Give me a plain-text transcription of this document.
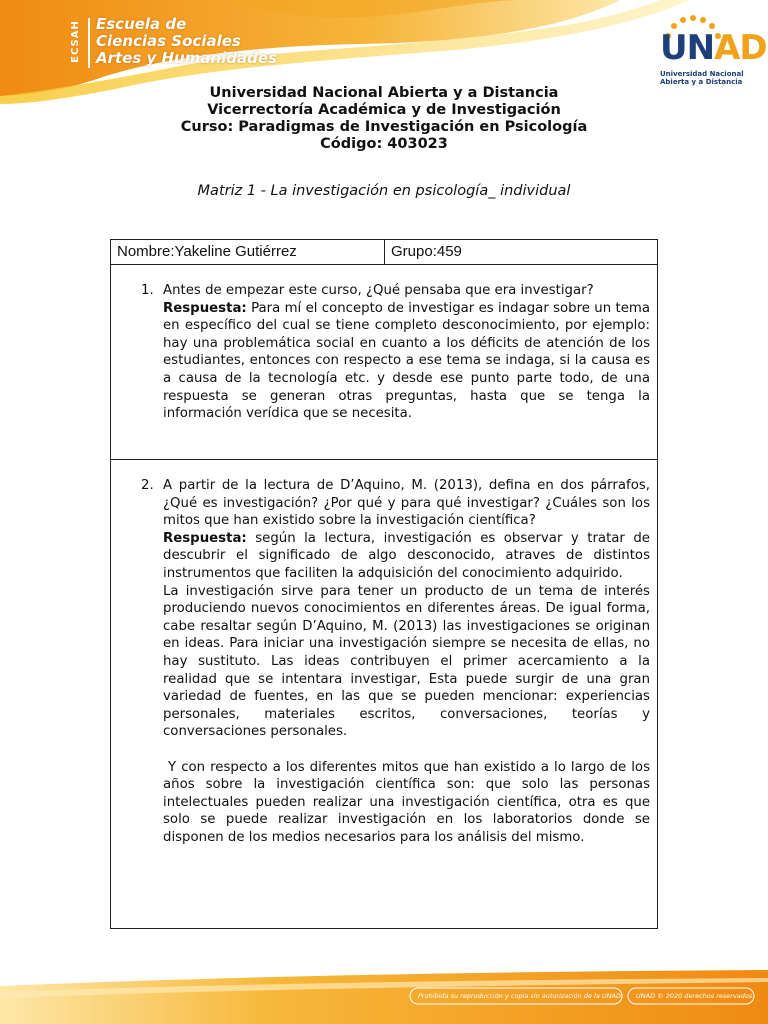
ECSAH Escuela de
Ciencias Sociales
Artes y Humanidades	UNAD
Universidad Nacional
Abierta y a Distancia
Universidad Nacional Abierta y a Distancia
Vicerrectoría Académica y de Investigación
Curso: Paradigmas de Investigación en Psicología
Código: 403023
Matriz 1 - La investigación en psicología_ individual
Nombre:Yakeline Gutiérrez	Grupo:459
1. Antes de empezar este curso, ¿Qué pensaba que era investigar?

Respuesta: Para mí el concepto de investigar es indagar sobre un tema en específico del cual se tiene completo desconocimiento, por ejemplo: hay una problemática social en cuanto a los déficits de atención de los estudiantes, entonces con respecto a ese tema se indaga, si la causa es a causa de la tecnología etc. y desde ese punto parte todo, de una respuesta se generan otras preguntas, hasta que se tenga la información verídica que se necesita.

2. A partir de la lectura de D’Aquino, M. (2013), defina en dos párrafos, ¿Qué es investigación? ¿Por qué y para qué investigar? ¿Cuáles son los mitos que han existido sobre la investigación científica?

Respuesta: según la lectura, investigación es observar y tratar de descubrir el significado de algo desconocido, atraves de distintos instrumentos que faciliten la adquisición del conocimiento adquirido.

La investigación sirve para tener un producto de un tema de interés produciendo nuevos conocimientos en diferentes áreas. De igual forma, cabe resaltar según D’Aquino, M. (2013) las investigaciones se originan en ideas. Para iniciar una investigación siempre se necesita de ellas, no hay sustituto. Las ideas contribuyen el primer acercamiento a la realidad que se intentara investigar, Esta puede surgir de una gran variedad de fuentes, en las que se pueden mencionar: experiencias personales, materiales escritos, conversaciones, teorías y conversaciones personales.

Y con respecto a los diferentes mitos que han existido a lo largo de los años sobre la investigación científica son: que solo las personas intelectuales pueden realizar una investigación científica, otra es que solo se puede realizar investigación en los laboratorios donde se disponen de los medios necesarios para los análisis del mismo.

Prohibida su reproducción y copia sin autorización de la UNAD. UNAD © 2020 derechos reservados.
